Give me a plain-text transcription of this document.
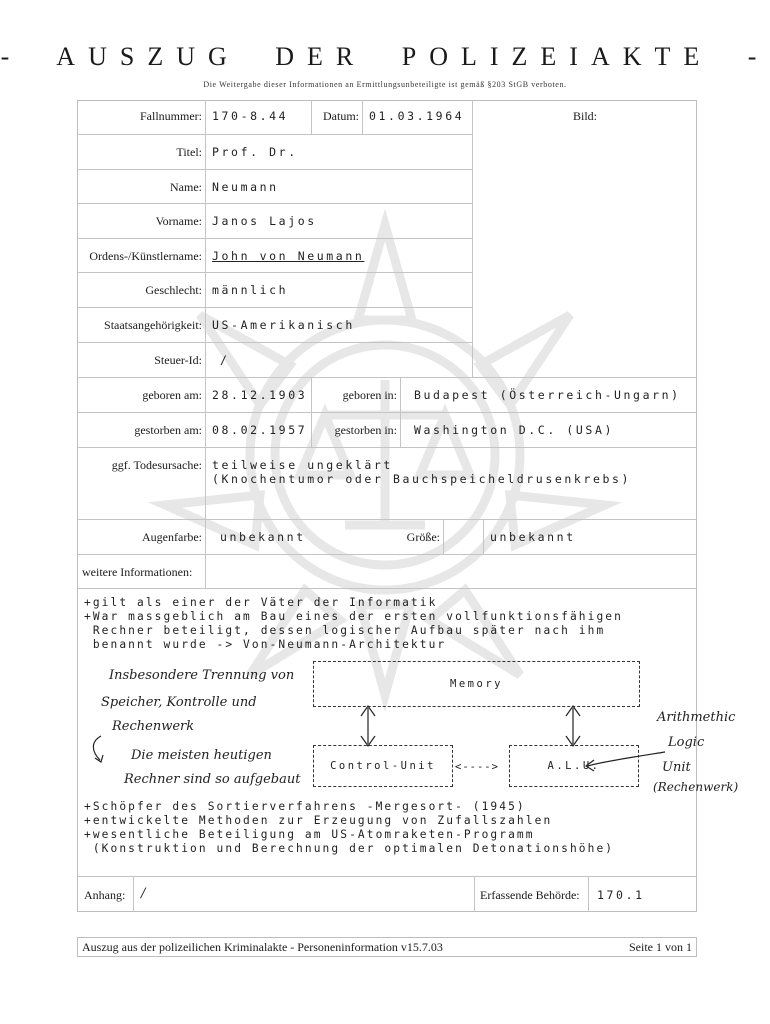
- AUSZUG DER POLIZEIAKTE -
Die Weitergabe dieser Informationen an Ermittlungsunbeteiligte ist gemäß §203 StGB verboten.
Fallnummer: 170-8.44	Datum: 01.03.1964	Bild:
Titel: Prof. Dr.
Name: Neumann
Vorname: Janos Lajos
Ordens-/Künstlername: John von Neumann
Geschlecht: männlich
Staatsangehörigkeit: US-Amerikanisch
Steuer-Id: /
geboren am: 28.12.1903	geboren in: Budapest (Österreich-Ungarn)
gestorben am: 08.02.1957 gestorben in: Washington D.C. (USA)
ggf. Todesursache: teilweise ungeklärt
(Knochentumor oder Bauchspeicheldrusenkrebs)
Augenfarbe: unbekannt	Größe:	unbekannt
weitere Informationen:
+gilt als einer der Väter der Informatik
+War massgeblich am Bau eines der ersten vollfunktionsfähigen
Rechner beteiligt, dessen logischer Aufbau später nach ihm
benannt wurde -> Von-Neumann-Architektur
Memory
Control-Unit	A.L.U.
<---->
Insbesondere Trennung von
Speicher, Kontrolle und
Rechenwerk
Die meisten heutigen
Rechner sind so aufgebaut
Arithmethic
Logic
Unit
(Rechenwerk)
+Schöpfer des Sortierverfahrens -Mergesort- (1945)
+entwickelte Methoden zur Erzeugung von Zufallszahlen
+wesentliche Beteiligung am US-Atomraketen-Programm
(Konstruktion und Berechnung der optimalen Detonationshöhe)
Anhang: /	Erfassende Behörde: 170.1
Auszug aus der polizeilichen Kriminalakte - Personeninformation v15.7.03	Seite 1 von 1
